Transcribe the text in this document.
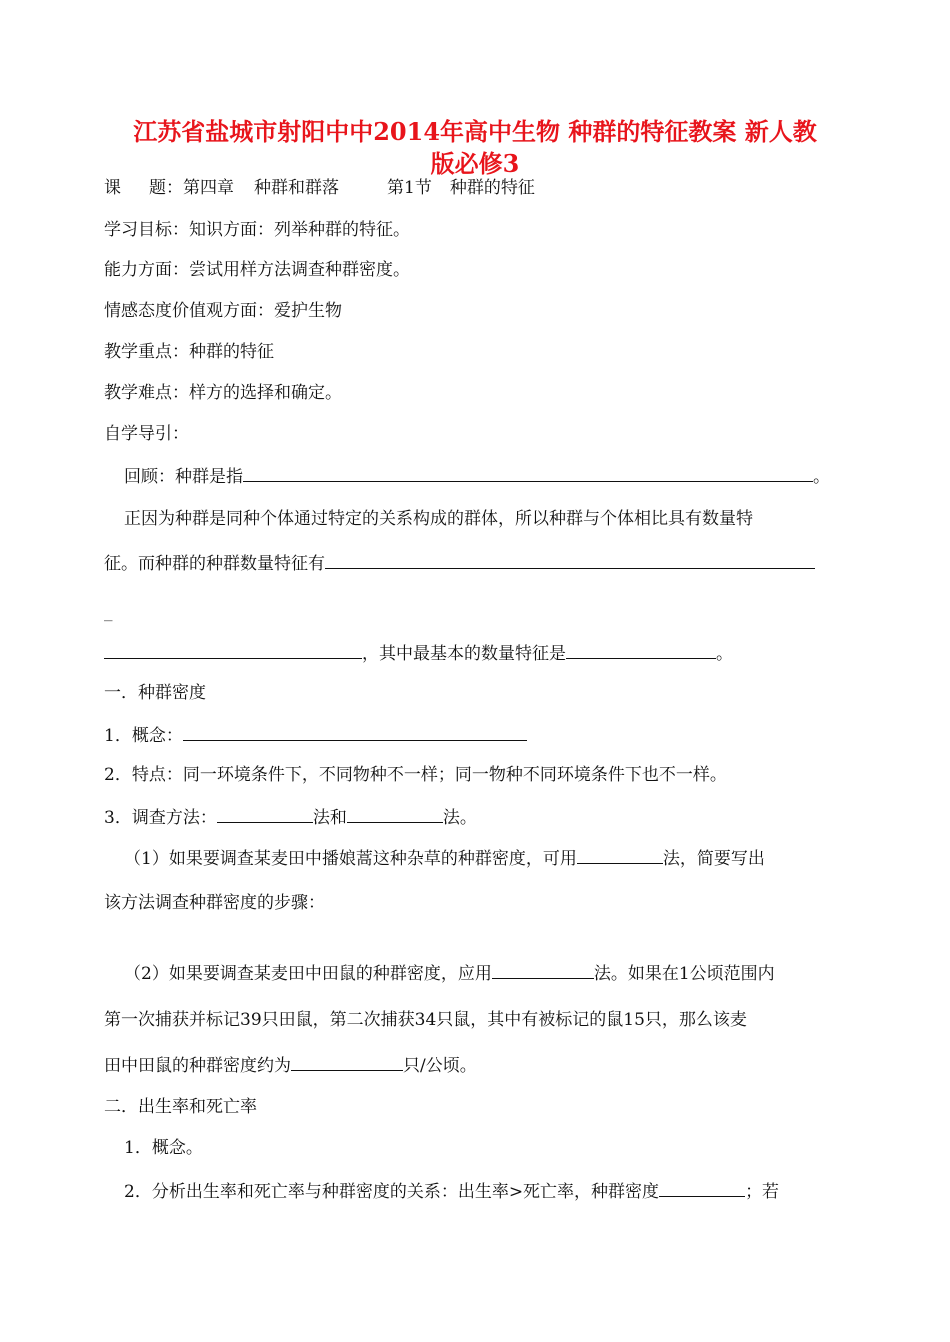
江苏省盐城市射阳中中2014年高中生物 种群的特征教案 新人教
版必修3
课 题：第四章 种群和群落	第1节 种群的特征
学习目标：知识方面：列举种群的特征。
能力方面：尝试用样方法调查种群密度。
情感态度价值观方面：爱护生物
教学重点：种群的特征
教学难点：样方的选择和确定。
自学导引：
回顾：种群是指	。
正因为种群是同种个体通过特定的关系构成的群体，所以种群与个体相比具有数量特
征。而种群的种群数量特征有
_
，其中最基本的数量特征是	。
一．种群密度
1．概念：
2．特点：同一环境条件下，不同物种不一样；同一物种不同环境条件下也不一样。
3．调查方法：	法和	法。
（1）如果要调查某麦田中播娘蒿这种杂草的种群密度，可用	法，简要写出
该方法调查种群密度的步骤：
（2）如果要调查某麦田中田鼠的种群密度，应用	法。如果在1公顷范围内
第一次捕获并标记39只田鼠，第二次捕获34只鼠，其中有被标记的鼠15只，那么该麦
田中田鼠的种群密度约为	只/公顷。
二．出生率和死亡率
1．概念。
2．分析出生率和死亡率与种群密度的关系：出生率>死亡率，种群密度	；若
